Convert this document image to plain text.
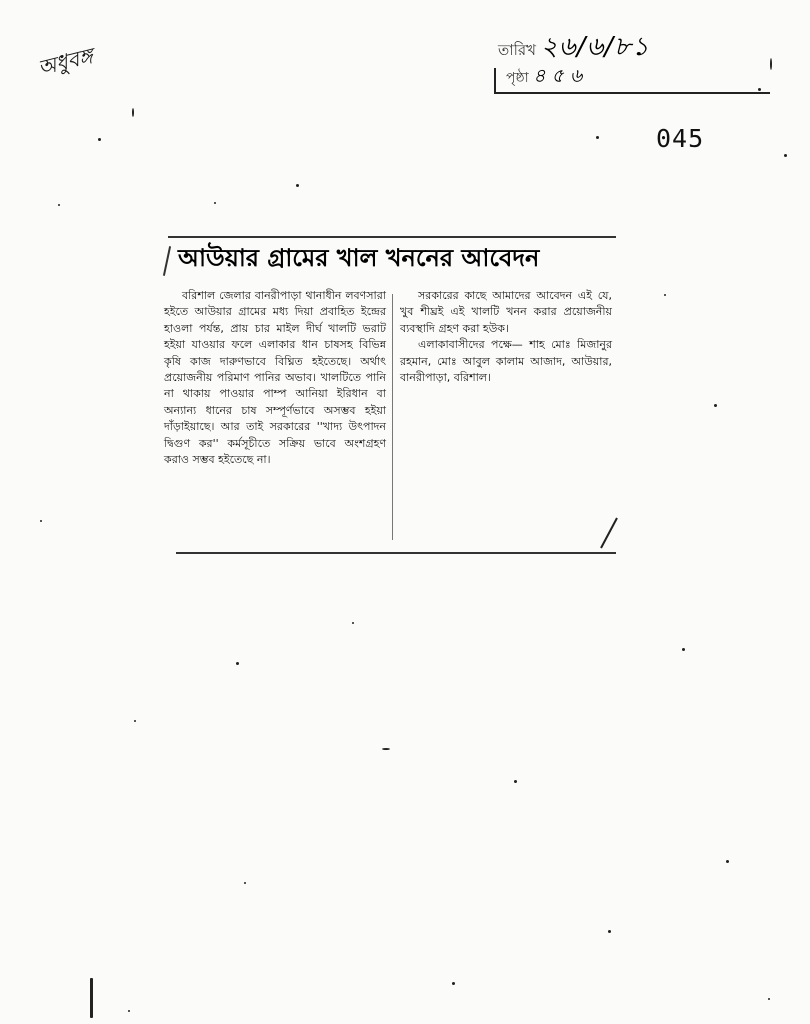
অধুবঙ্গ	তারিখ ২৬/৬/৮১
পৃষ্ঠা ৪ ৫ ৬
045
আউয়ার গ্রামের খাল খননের আবেদন
বরিশাল জেলার বানরীপাড়া থানাধীন লবণসারা হইতে আউয়ার গ্রামের মধ্য দিয়া প্রবাহিত ইন্দ্রের হাওলা পর্যন্ত, প্রায় চার মাইল দীর্ঘ খালটি ভরাট হইয়া যাওয়ার ফলে এলাকার ধান চাষসহ বিভিন্ন কৃষি কাজ দারুণভাবে বিঘ্নিত হইতেছে। অর্থাৎ প্রয়োজনীয় পরিমাণ পানির অভাব। খালটিতে পানি না থাকায় পাওয়ার পাম্প আনিয়া ইরিধান বা অন্যান্য ধানের চাষ সম্পূর্ণভাবে অসম্ভব হইয়া দাঁড়াইয়াছে। আর তাই সরকারের ''খাদ্য উৎপাদন দ্বিগুণ কর'' কর্মসূচীতে সক্রিয় ভাবে অংশগ্রহণ করাও সম্ভব হইতেছে না।
সরকারের কাছে আমাদের আবেদন এই যে, খুব শীঘ্রই এই খালটি খনন করার প্রয়োজনীয় ব্যবস্থাদি গ্রহণ করা হউক।
এলাকাবাসীদের পক্ষে— শাহ মোঃ মিজানুর রহমান, মোঃ আবুল কালাম আজাদ, আউয়ার, বানরীপাড়া, বরিশাল।
